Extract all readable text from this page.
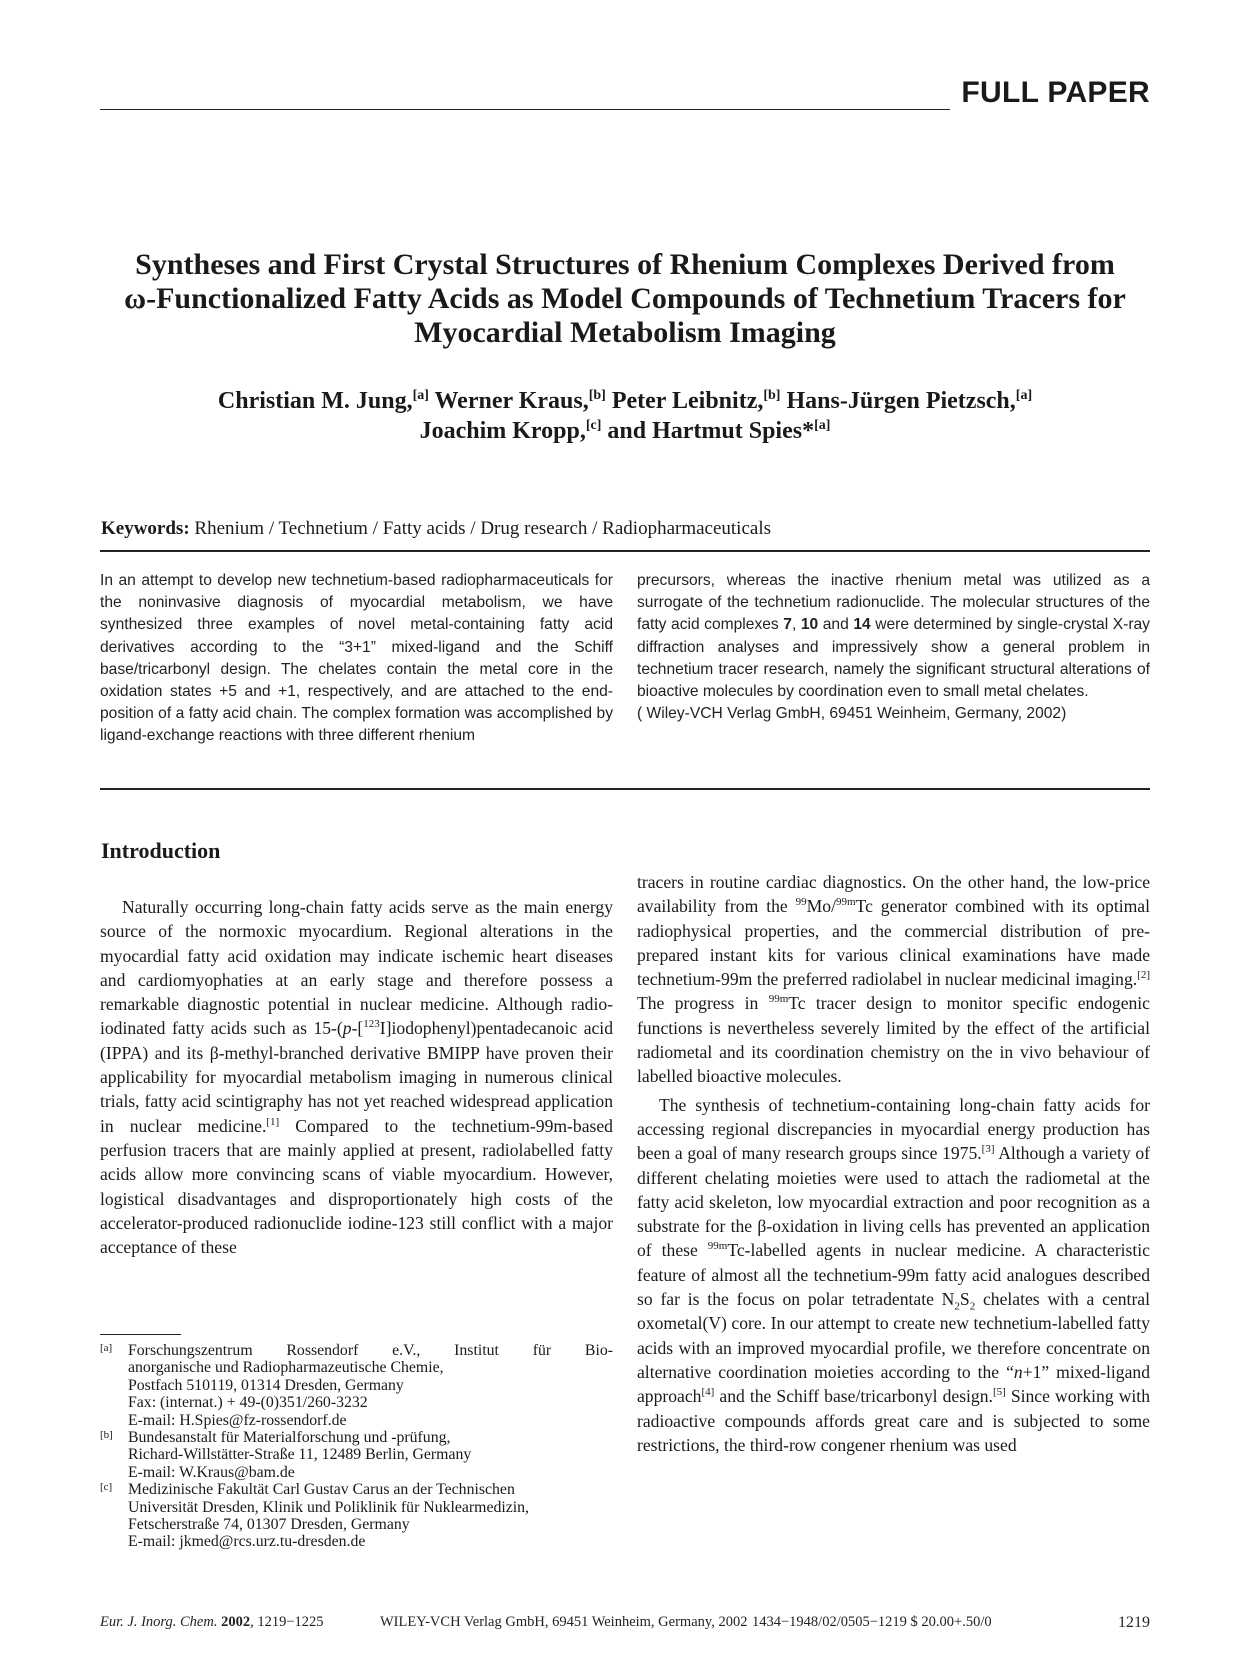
FULL PAPER
Syntheses and First Crystal Structures of Rhenium Complexes Derived from
ω-Functionalized Fatty Acids as Model Compounds of Technetium Tracers for
Myocardial Metabolism Imaging
Christian M. Jung,[a] Werner Kraus,[b] Peter Leibnitz,[b] Hans-Jürgen Pietzsch,[a]
Joachim Kropp,[c] and Hartmut Spies*[a]
Keywords: Rhenium / Technetium / Fatty acids / Drug research / Radiopharmaceuticals
In an attempt to develop new technetium-based radiopharmaceuticals for the noninvasive diagnosis of myocardial metabolism, we have synthesized three examples of novel metal-containing fatty acid derivatives according to the “3+1” mixed-ligand and the Schiff base/tricarbonyl design. The chelates contain the metal core in the oxidation states +5 and +1, respectively, and are attached to the end-position of a fatty acid chain. The complex formation was accomplished by ligand-exchange reactions with three different rhenium
precursors, whereas the inactive rhenium metal was utilized as a surrogate of the technetium radionuclide. The molecular structures of the fatty acid complexes 7, 10 and 14 were determined by single-crystal X-ray diffraction analyses and impressively show a general problem in technetium tracer research, namely the significant structural alterations of bioactive molecules by coordination even to small metal chelates.
( Wiley-VCH Verlag GmbH, 69451 Weinheim, Germany, 2002)
Introduction

Naturally occurring long-chain fatty acids serve as the main energy source of the normoxic myocardium. Regional alterations in the myocardial fatty acid oxidation may indicate ischemic heart diseases and cardiomyophaties at an early stage and therefore possess a remarkable diagnostic potential in nuclear medicine. Although radio-iodinated fatty acids such as 15-(p-[$^{123}$I]iodophenyl)pentadecanoic acid (IPPA) and its β-methyl-branched derivative BMIPP have proven their applicability for myocardial metabolism imaging in numerous clinical trials, fatty acid scintigraphy has not yet reached widespread application in nuclear medicine.[1] Compared to the technetium-99m-based perfusion tracers that are mainly applied at present, radiolabelled fatty acids allow more convincing scans of viable myocardium. However, logistical disadvantages and disproportionately high costs of the accelerator-produced radionuclide iodine-123 still conflict with a major acceptance of these

tracers in routine cardiac diagnostics. On the other hand, the low-price availability from the $^{99}$Mo/$^{99m}$Tc generator combined with its optimal radiophysical properties, and the commercial distribution of pre-prepared instant kits for various clinical examinations have made technetium-99m the preferred radiolabel in nuclear medicinal imaging.[2] The progress in $^{99m}$Tc tracer design to monitor specific endogenic functions is nevertheless severely limited by the effect of the artificial radiometal and its coordination chemistry on the in vivo behaviour of labelled bioactive molecules.

The synthesis of technetium-containing long-chain fatty acids for accessing regional discrepancies in myocardial energy production has been a goal of many research groups since 1975.[3] Although a variety of different chelating moieties were used to attach the radiometal at the fatty acid skeleton, low myocardial extraction and poor recognition as a substrate for the β-oxidation in living cells has prevented an application of these $^{99m}$Tc-labelled agents in nuclear medicine. A characteristic feature of almost all the technetium-99m fatty acid analogues described so far is the focus on polar tetradentate $N_2S_2$ chelates with a central oxometal(V) core. In our attempt to create new technetium-labelled fatty acids with an improved myocardial profile, we therefore concentrate on alternative coordination moieties according to the “n+1” mixed-ligand approach[4] and the Schiff base/tricarbonyl design.[5] Since working with radioactive compounds affords great care and is subjected to some restrictions, the third-row congener rhenium was used

[a] Forschungszentrum Rossendorf e.V., Institut für Bio-
anorganische und Radiopharmazeutische Chemie,
Postfach 510119, 01314 Dresden, Germany
Fax: (internat.) + 49-(0)351/260-3232
E-mail: H.Spies@fz-rossendorf.de
[b] Bundesanstalt für Materialforschung und -prüfung,
Richard-Willstätter-Straße 11, 12489 Berlin, Germany
E-mail: W.Kraus@bam.de
[c] Medizinische Fakultät Carl Gustav Carus an der Technischen
Universität Dresden, Klinik und Poliklinik für Nuklearmedizin,
Fetscherstraße 74, 01307 Dresden, Germany
E-mail: jkmed@rcs.urz.tu-dresden.de
Eur. J. Inorg. Chem. 2002, 1219−1225	WILEY-VCH Verlag GmbH, 69451 Weinheim, Germany, 2002 1434−1948/02/0505−1219 $ 20.00+.50/0	1219
